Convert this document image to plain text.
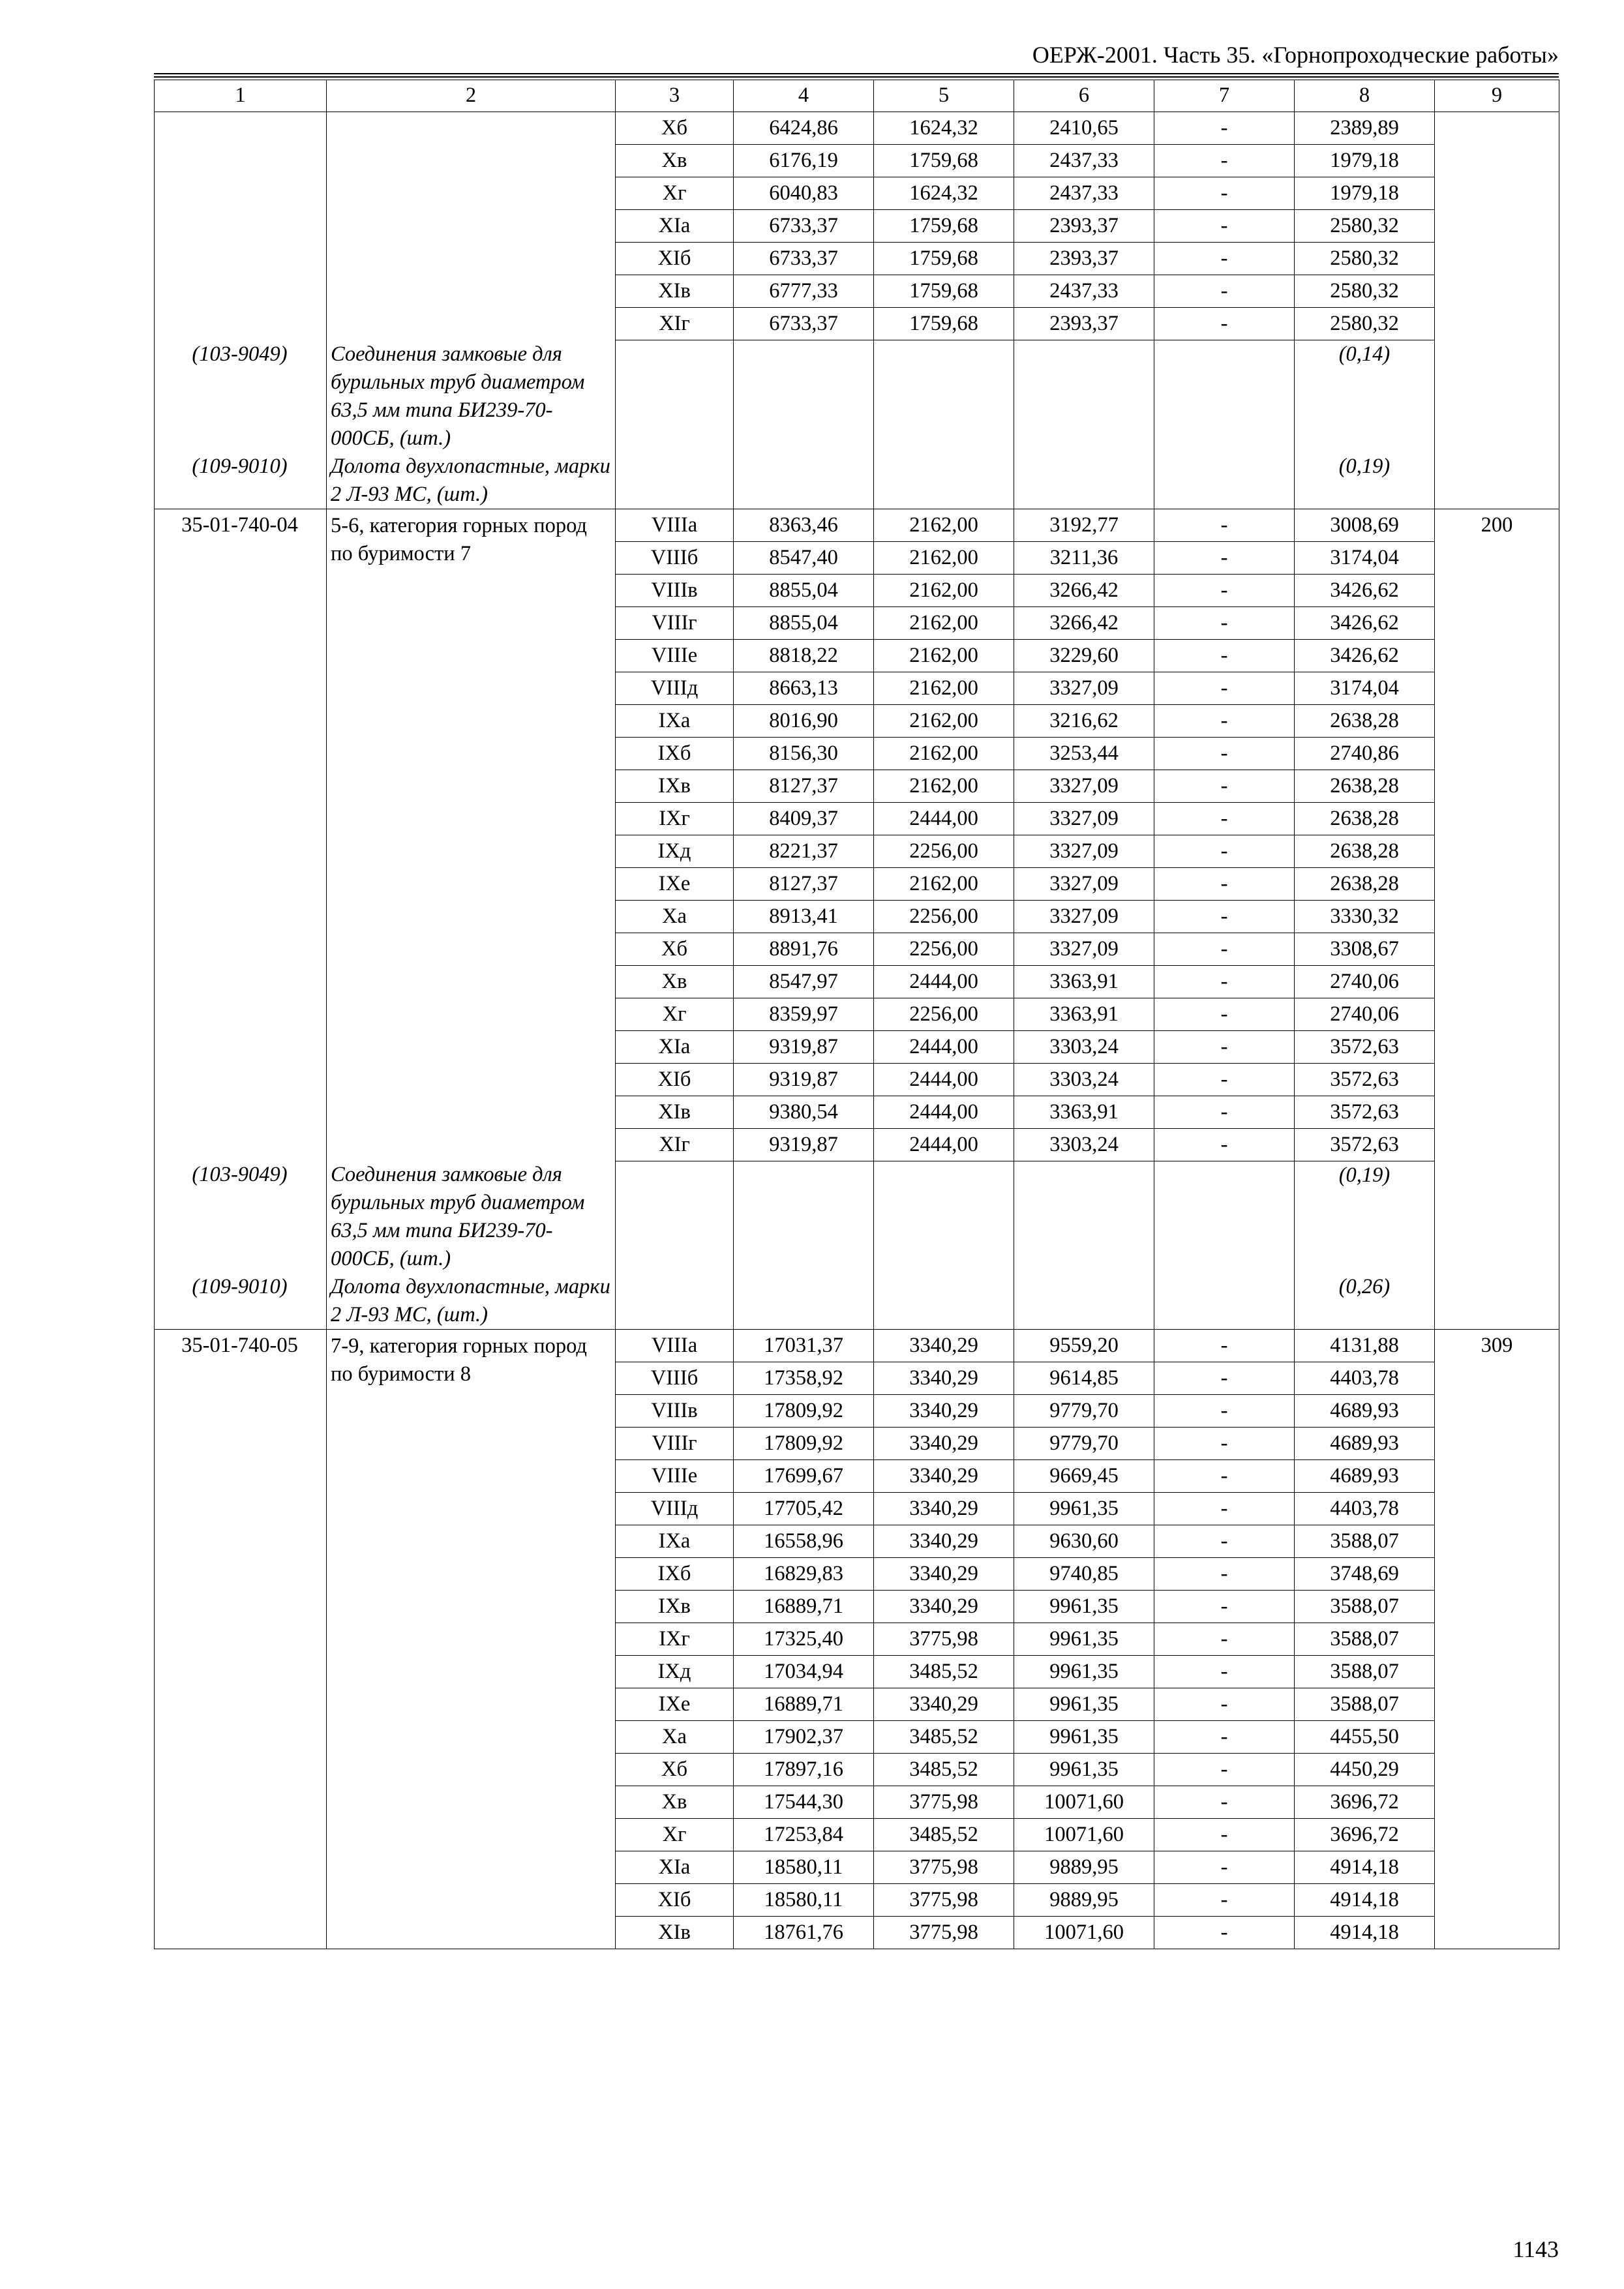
ОЕРЖ-2001. Часть 35. «Горнопроходческие работы»
1	2	3	4	5	6	7	8	9
		Хб	6424,86	1624,32	2410,65	-	2389,89	
		Хв	6176,19	1759,68	2437,33	-	1979,18	
		Хг	6040,83	1624,32	2437,33	-	1979,18	
		ХIа	6733,37	1759,68	2393,37	-	2580,32	
		ХIб	6733,37	1759,68	2393,37	-	2580,32	
		ХIв	6777,33	1759,68	2437,33	-	2580,32	
		ХIг	6733,37	1759,68	2393,37	-	2580,32	
(103-9049)	Соединения замковые для бурильных труб диаметром 63,5 мм типа БИ239-70-000СБ, (шт.)						(0,14)	
(109-9010)	Долота двухлопастные, марки 2 Л-93 МС, (шт.)						(0,19)	
35-01-740-04	5-6, категория горных пород по буримости 7	VIIIа	8363,46	2162,00	3192,77	-	3008,69	200
		VIIIб	8547,40	2162,00	3211,36	-	3174,04	
		VIIIв	8855,04	2162,00	3266,42	-	3426,62	
		VIIIг	8855,04	2162,00	3266,42	-	3426,62	
		VIIIе	8818,22	2162,00	3229,60	-	3426,62	
		VIIIд	8663,13	2162,00	3327,09	-	3174,04	
		IХа	8016,90	2162,00	3216,62	-	2638,28	
		IХб	8156,30	2162,00	3253,44	-	2740,86	
		IХв	8127,37	2162,00	3327,09	-	2638,28	
		IХг	8409,37	2444,00	3327,09	-	2638,28	
		IХд	8221,37	2256,00	3327,09	-	2638,28	
		IХе	8127,37	2162,00	3327,09	-	2638,28	
		Ха	8913,41	2256,00	3327,09	-	3330,32	
		Хб	8891,76	2256,00	3327,09	-	3308,67	
		Хв	8547,97	2444,00	3363,91	-	2740,06	
		Хг	8359,97	2256,00	3363,91	-	2740,06	
		ХIа	9319,87	2444,00	3303,24	-	3572,63	
		ХIб	9319,87	2444,00	3303,24	-	3572,63	
		ХIв	9380,54	2444,00	3363,91	-	3572,63	
		ХIг	9319,87	2444,00	3303,24	-	3572,63	
(103-9049)	Соединения замковые для бурильных труб диаметром 63,5 мм типа БИ239-70-000СБ, (шт.)						(0,19)	
(109-9010)	Долота двухлопастные, марки 2 Л-93 МС, (шт.)						(0,26)	
35-01-740-05	7-9, категория горных пород по буримости 8	VIIIа	17031,37	3340,29	9559,20	-	4131,88	309
		VIIIб	17358,92	3340,29	9614,85	-	4403,78	
		VIIIв	17809,92	3340,29	9779,70	-	4689,93	
		VIIIг	17809,92	3340,29	9779,70	-	4689,93	
		VIIIе	17699,67	3340,29	9669,45	-	4689,93	
		VIIIд	17705,42	3340,29	9961,35	-	4403,78	
		IХа	16558,96	3340,29	9630,60	-	3588,07	
		IХб	16829,83	3340,29	9740,85	-	3748,69	
		IХв	16889,71	3340,29	9961,35	-	3588,07	
		IХг	17325,40	3775,98	9961,35	-	3588,07	
		IХд	17034,94	3485,52	9961,35	-	3588,07	
		IХе	16889,71	3340,29	9961,35	-	3588,07	
		Ха	17902,37	3485,52	9961,35	-	4455,50	
		Хб	17897,16	3485,52	9961,35	-	4450,29	
		Хв	17544,30	3775,98	10071,60	-	3696,72	
		Хг	17253,84	3485,52	10071,60	-	3696,72	
		ХIа	18580,11	3775,98	9889,95	-	4914,18	
		ХIб	18580,11	3775,98	9889,95	-	4914,18	
		ХIв	18761,76	3775,98	10071,60	-	4914,18	
1143
